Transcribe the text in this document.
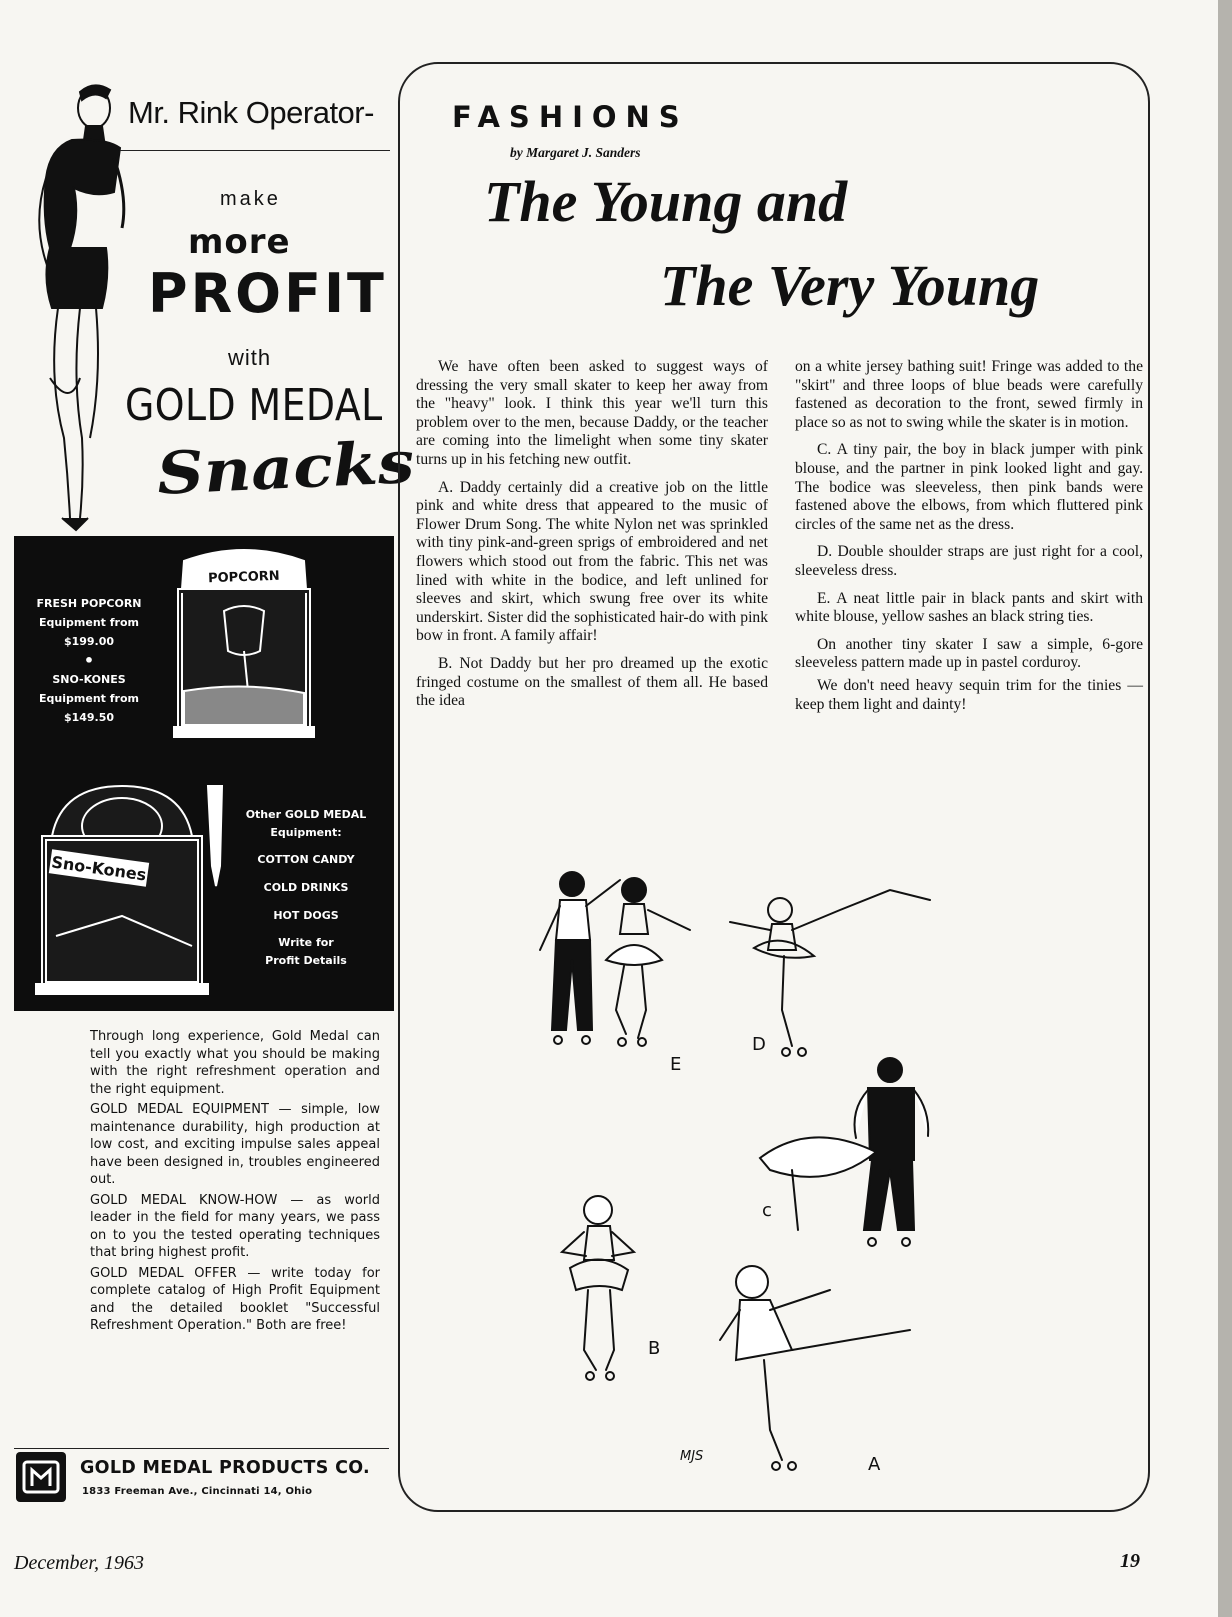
Mr. Rink Operator-
make
more
PROFIT
with
GOLD MEDAL
Snacks
POPCORN
FRESH POPCORN
Equipment from
$199.00
•
SNO-KONES
Equipment from
$149.50
Sno-Kones
Other GOLD MEDAL
Equipment:
COTTON CANDY
COLD DRINKS
HOT DOGS
Write for
Profit Details

Through long experience, Gold Medal can tell you exactly what you should be making with the right refreshment operation and the right equipment.

GOLD MEDAL EQUIPMENT — simple, low maintenance durability, high production at low cost, and exciting impulse sales appeal have been designed in, troubles engineered out.

GOLD MEDAL KNOW-HOW — as world leader in the field for many years, we pass on to you the tested operating techniques that bring highest profit.

GOLD MEDAL OFFER — write today for complete catalog of High Profit Equipment and the detailed booklet "Successful Refreshment Operation." Both are free!

GOLD MEDAL PRODUCTS CO.
1833 Freeman Ave., Cincinnati 14, Ohio
FASHIONS
by Margaret J. Sanders
The Young and
The Very Young

We have often been asked to suggest ways of dressing the very small skater to keep her away from the "heavy" look. I think this year we'll turn this problem over to the men, because Daddy, or the teacher are coming into the limelight when some tiny skater turns up in his fetching new outfit.

A. Daddy certainly did a creative job on the little pink and white dress that appeared to the music of Flower Drum Song. The white Nylon net was sprinkled with tiny pink-and-green sprigs of embroidered and net flowers which stood out from the fabric. This net was lined with white in the bodice, and left unlined for sleeves and skirt, which swung free over its white underskirt. Sister did the sophisticated hair-do with pink bow in front. A family affair!

B. Not Daddy but her pro dreamed up the exotic fringed costume on the smallest of them all. He based the idea

on a white jersey bathing suit! Fringe was added to the "skirt" and three loops of blue beads were carefully fastened as decoration to the front, sewed firmly in place so as not to swing while the skater is in motion.

C. A tiny pair, the boy in black jumper with pink blouse, and the partner in pink looked light and gay. The bodice was sleeveless, then pink bands were fastened above the elbows, from which fluttered pink circles of the same net as the dress.

D. Double shoulder straps are just right for a cool, sleeveless dress.

E. A neat little pair in black pants and skirt with white blouse, yellow sashes an black string ties.

On another tiny skater I saw a simple, 6-gore sleeveless pattern made up in pastel corduroy.

We don't need heavy sequin trim for the tinies — keep them light and dainty!

E
D
c
B
A
MJS
December, 1963	19
